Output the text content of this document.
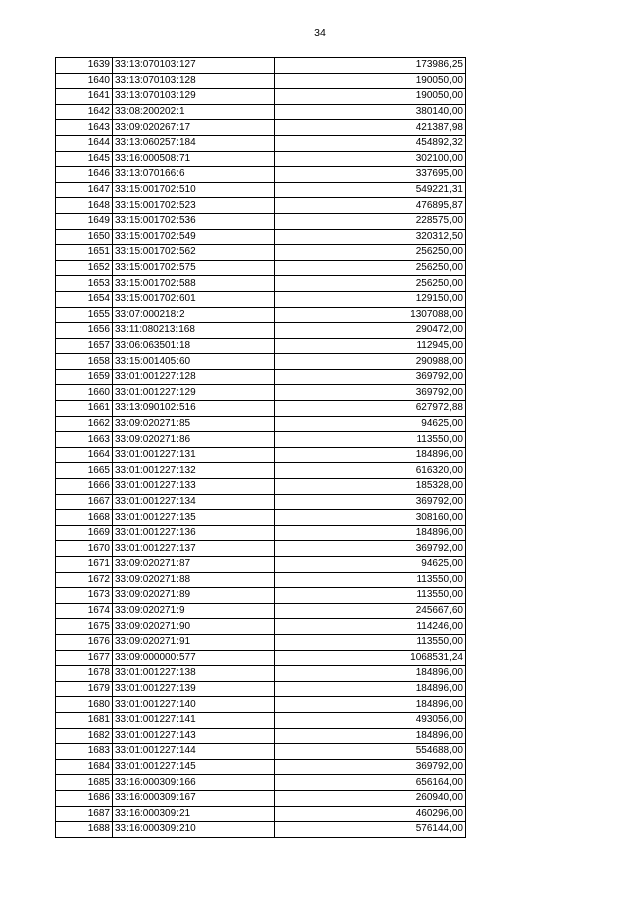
34
1639	33:13:070103:127	173986,25
1640	33:13:070103:128	190050,00
1641	33:13:070103:129	190050,00
1642	33:08:200202:1	380140,00
1643	33:09:020267:17	421387,98
1644	33:13:060257:184	454892,32
1645	33:16:000508:71	302100,00
1646	33:13:070166:6	337695,00
1647	33:15:001702:510	549221,31
1648	33:15:001702:523	476895,87
1649	33:15:001702:536	228575,00
1650	33:15:001702:549	320312,50
1651	33:15:001702:562	256250,00
1652	33:15:001702:575	256250,00
1653	33:15:001702:588	256250,00
1654	33:15:001702:601	129150,00
1655	33:07:000218:2	1307088,00
1656	33:11:080213:168	290472,00
1657	33:06:063501:18	112945,00
1658	33:15:001405:60	290988,00
1659	33:01:001227:128	369792,00
1660	33:01:001227:129	369792,00
1661	33:13:090102:516	627972,88
1662	33:09:020271:85	94625,00
1663	33:09:020271:86	113550,00
1664	33:01:001227:131	184896,00
1665	33:01:001227:132	616320,00
1666	33:01:001227:133	185328,00
1667	33:01:001227:134	369792,00
1668	33:01:001227:135	308160,00
1669	33:01:001227:136	184896,00
1670	33:01:001227:137	369792,00
1671	33:09:020271:87	94625,00
1672	33:09:020271:88	113550,00
1673	33:09:020271:89	113550,00
1674	33:09:020271:9	245667,60
1675	33:09:020271:90	114246,00
1676	33:09:020271:91	113550,00
1677	33:09:000000:577	1068531,24
1678	33:01:001227:138	184896,00
1679	33:01:001227:139	184896,00
1680	33:01:001227:140	184896,00
1681	33:01:001227:141	493056,00
1682	33:01:001227:143	184896,00
1683	33:01:001227:144	554688,00
1684	33:01:001227:145	369792,00
1685	33:16:000309:166	656164,00
1686	33:16:000309:167	260940,00
1687	33:16:000309:21	460296,00
1688	33:16:000309:210	576144,00
